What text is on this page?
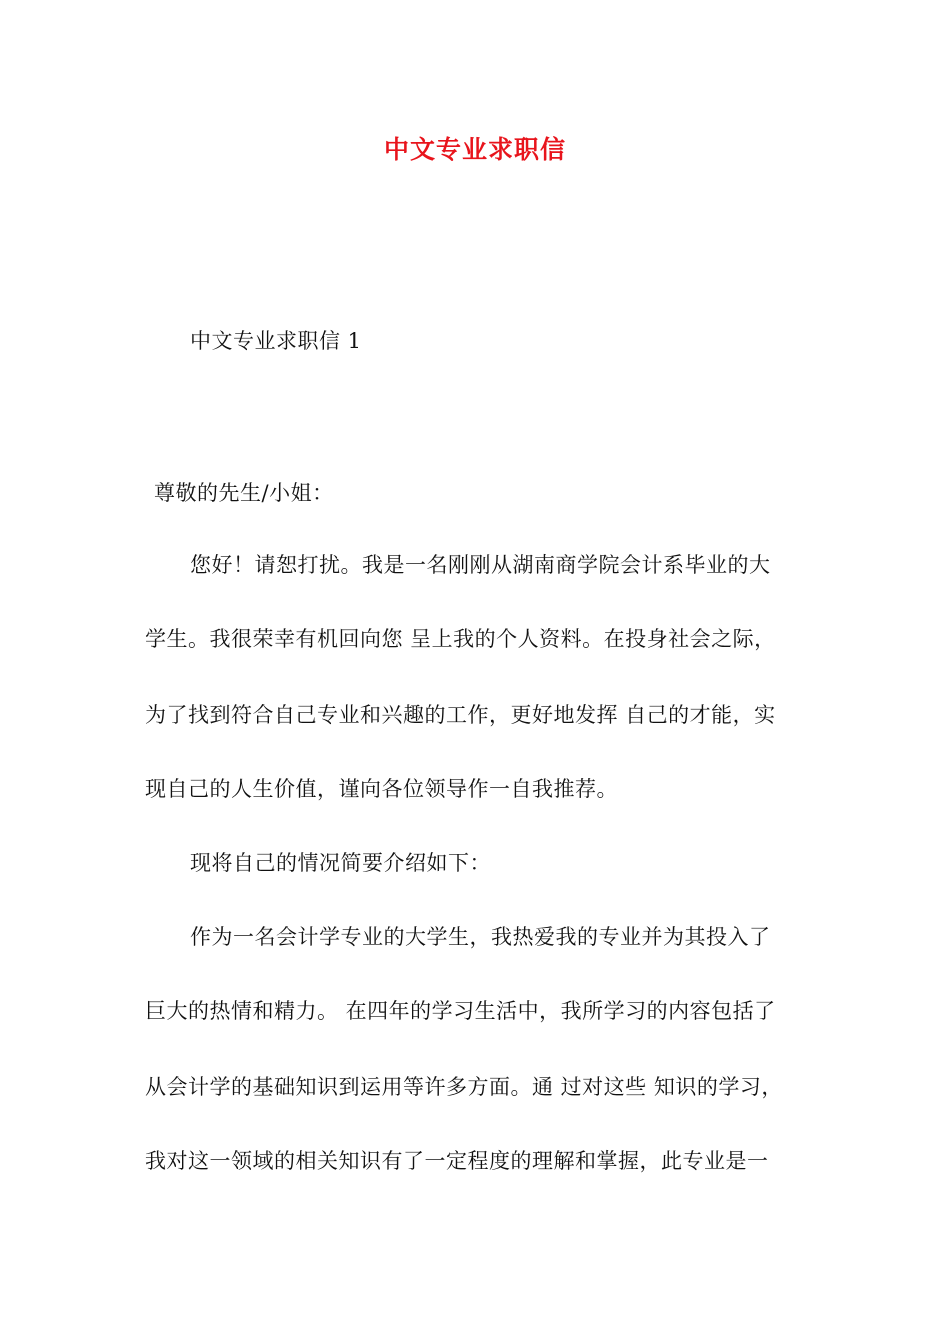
中文专业求职信
中文专业求职信 1
尊敬的先生/小姐：
您好！请恕打扰。我是一名刚刚从湖南商学院会计系毕业的大
学生。我很荣幸有机回向您 呈上我的个人资料。在投身社会之际，
为了找到符合自己专业和兴趣的工作，更好地发挥 自己的才能，实
现自己的人生价值，谨向各位领导作一自我推荐。
现将自己的情况简要介绍如下：
作为一名会计学专业的大学生，我热爱我的专业并为其投入了
巨大的热情和精力。 在四年的学习生活中，我所学习的内容包括了
从会计学的基础知识到运用等许多方面。通 过对这些 知识的学习，
我对这一领域的相关知识有了一定程度的理解和掌握，此专业是一
